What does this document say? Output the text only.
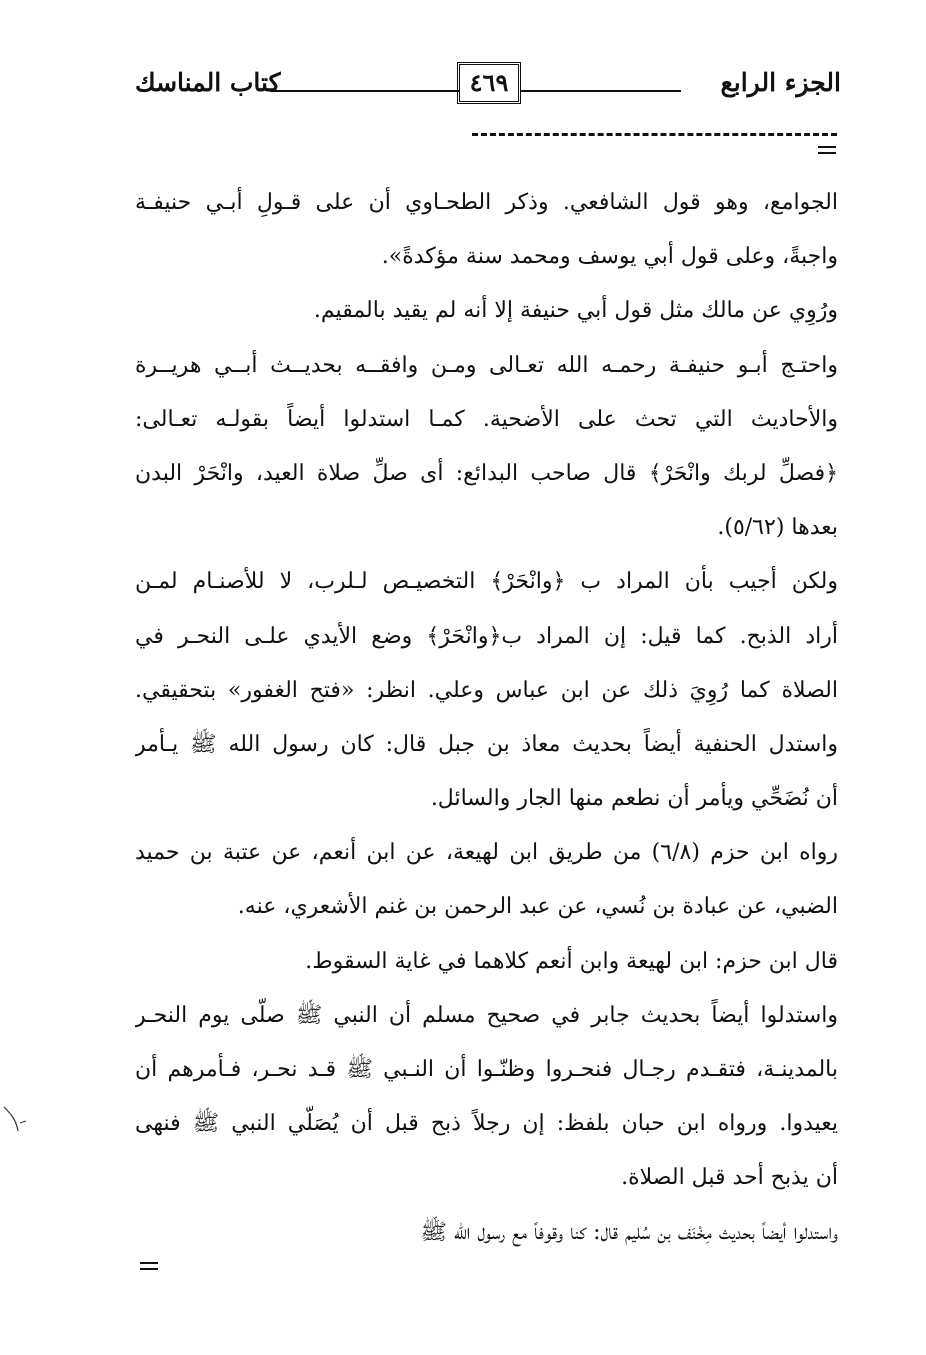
الجزء الرابع
٤٦٩
كتاب المناسك
الجوامع، وهو قول الشافعي. وذكر الطحـاوي أن على قـولِ أبـي حنيفـة
واجبةً، وعلى قول أبي يوسف ومحمد سنة مؤكدةً».
ورُوِي عن مالك مثل قول أبي حنيفة إلا أنه لم يقيد بالمقيم.
واحتـج أبـو حنيفـة رحمـه الله تعـالى ومـن وافقــه بحديــث أبــي هريــرة
والأحاديث التي تحث على الأضحية. كمـا استدلوا أيضاً بقولـه تعـالى:
﴿فصلِّ لربك وانْحَرْ﴾ قال صاحب البدائع: أى صلِّ صلاة العيد، وانْحَرْ البدن
بعدها (٥/٦٢).
ولكن أجيب بأن المراد ب ﴿وانْحَرْ﴾ التخصيـص لـلرب، لا للأصنـام لمـن
أراد الذبح. كما قيل: إن المراد ب﴿وانْحَرْ﴾ وضع الأيدي علـى النحـر في
الصلاة كما رُوِيَ ذلك عن ابن عباس وعلي. انظر: «فتح الغفور» بتحقيقي.
واستدل الحنفية أيضاً بحديث معاذ بن جبل قال: كان رسول الله ﷺ يـأمر
أن نُضَحِّي ويأمر أن نطعم منها الجار والسائل.
رواه ابن حزم (٦/٨) من طريق ابن لهيعة، عن ابن أنعم، عن عتبة بن حميد
الضبي، عن عبادة بن نُسي، عن عبد الرحمن بن غنم الأشعري، عنه.
قال ابن حزم: ابن لهيعة وابن أنعم كلاهما في غاية السقوط.
واستدلوا أيضاً بحديث جابر في صحيح مسلم أن النبي ﷺ صلّى يوم النحـر
بالمدينـة، فتقـدم رجـال فنحـروا وظنّـوا أن النـبي ﷺ قـد نحـر، فـأمرهم أن
يعيدوا. ورواه ابن حبان بلفظ: إن رجلاً ذبح قبل أن يُصَلّي النبي ﷺ فنهى
أن يذبح أحد قبل الصلاة.
واستدلوا أيضاً بحديث مِخْنَف بن سُليم قال: كنا وقوفاً مع رسول الله ﷺ
